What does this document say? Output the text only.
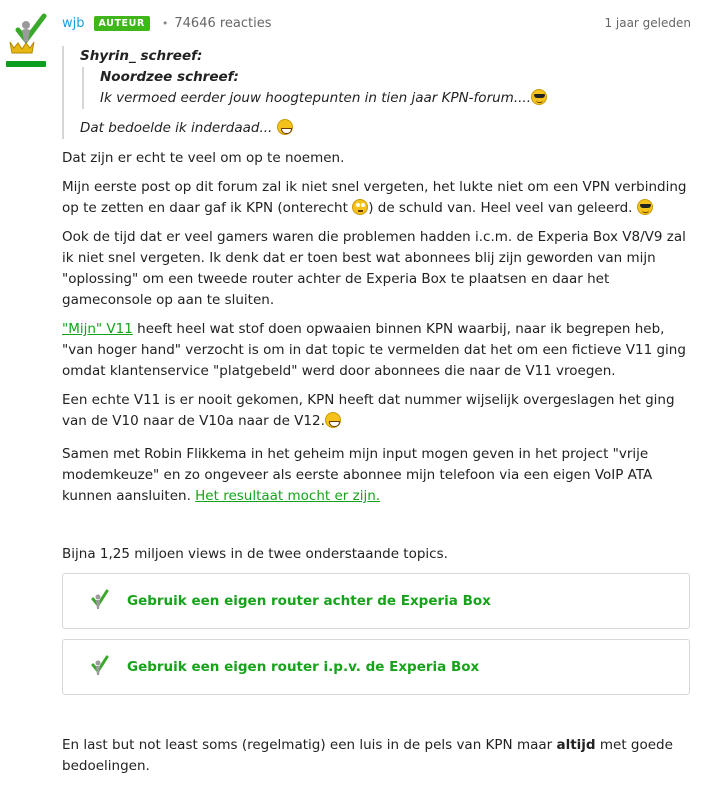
wjb	AUTEUR	• 74646 reacties	1 jaar geleden
Shyrin_ schreef:
Noordzee schreef:
Ik vermoed eerder jouw hoogtepunten in tien jaar KPN-forum....
Dat bedoelde ik inderdaad...

Dat zijn er echt te veel om op te noemen.

Mijn eerste post op dit forum zal ik niet snel vergeten, het lukte niet om een VPN verbinding op te zetten en daar gaf ik KPN (onterecht ) de schuld van. Heel veel van geleerd.

Ook de tijd dat er veel gamers waren die problemen hadden i.c.m. de Experia Box V8/V9 zal ik niet snel vergeten. Ik denk dat er toen best wat abonnees blij zijn geworden van mijn "oplossing" om een tweede router achter de Experia Box te plaatsen en daar het gameconsole op aan te sluiten.

"Mijn" V11 heeft heel wat stof doen opwaaien binnen KPN waarbij, naar ik begrepen heb, "van hoger hand" verzocht is om in dat topic te vermelden dat het om een fictieve V11 ging omdat klantenservice "platgebeld" werd door abonnees die naar de V11 vroegen.

Een echte V11 is er nooit gekomen, KPN heeft dat nummer wijselijk overgeslagen het ging van de V10 naar de V10a naar de V12.

Samen met Robin Flikkema in het geheim mijn input mogen geven in het project "vrije modemkeuze" en zo ongeveer als eerste abonnee mijn telefoon via een eigen VoIP ATA kunnen aansluiten. Het resultaat mocht er zijn.
Bijna 1,25 miljoen views in de twee onderstaande topics.
Gebruik een eigen router achter de Experia Box
Gebruik een eigen router i.p.v. de Experia Box
En last but not least soms (regelmatig) een luis in de pels van KPN maar altijd met goede bedoelingen.
